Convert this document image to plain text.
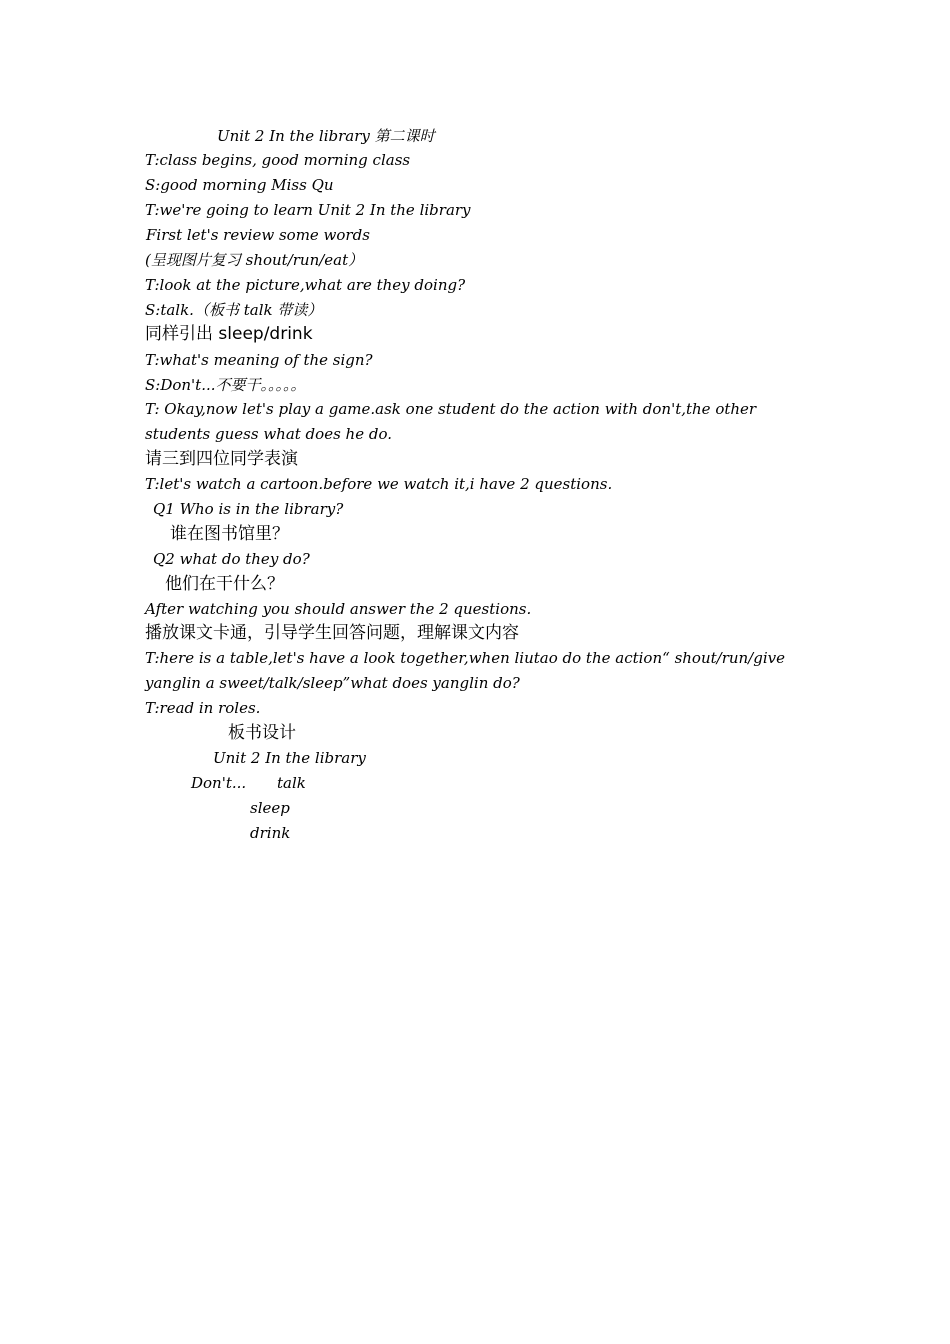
Unit 2 In the library 第二课时
T:class begins, good morning class
S:good morning Miss Qu
T:we're going to learn Unit 2 In the library
First let's review some words
(呈现图片复习 shout/run/eat）
T:look at the picture,what are they doing?
S:talk.（板书 talk 带读）
同样引出 sleep/drink
T:what's meaning of the sign?
S:Don't...不要干。。。。。
T: Okay,now let's play a game.ask one student do the action with don't,the other students guess what does he do.
请三到四位同学表演
T:let's watch a cartoon.before we watch it,i have 2 questions.
Q1 Who is in the library?
谁在图书馆里？
Q2 what do they do?
他们在干什么？
After watching you should answer the 2 questions.
播放课文卡通，引导学生回答问题，理解课文内容
T:here is a table,let's have a look together,when liutao do the action“ shout/run/give yanglin a sweet/talk/sleep”what does yanglin do?
T:read in roles.
板书设计
Unit 2 In the library
Don't... talk
sleep
drink
